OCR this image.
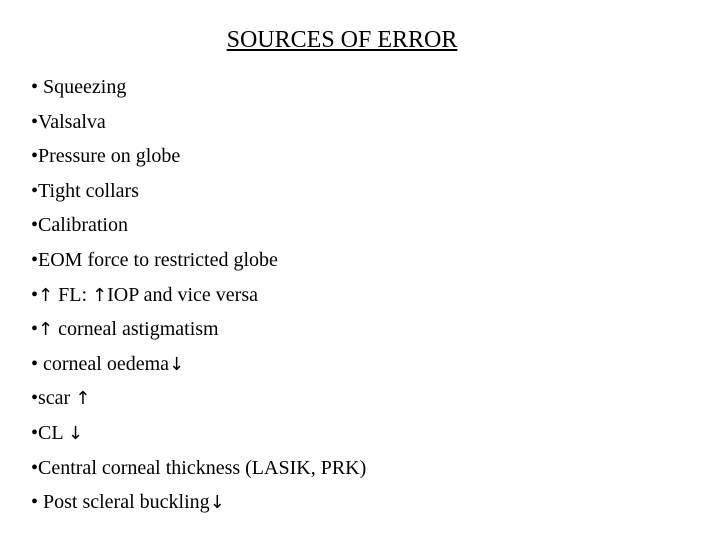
SOURCES OF ERROR
• Squeezing
•Valsalva
•Pressure on globe
•Tight collars
•Calibration
•EOM force to restricted globe
•↑ FL: ↑IOP and vice versa
•↑ corneal astigmatism
• corneal oedema↓
•scar ↑
•CL ↓
•Central corneal thickness (LASIK, PRK)
• Post scleral buckling↓
